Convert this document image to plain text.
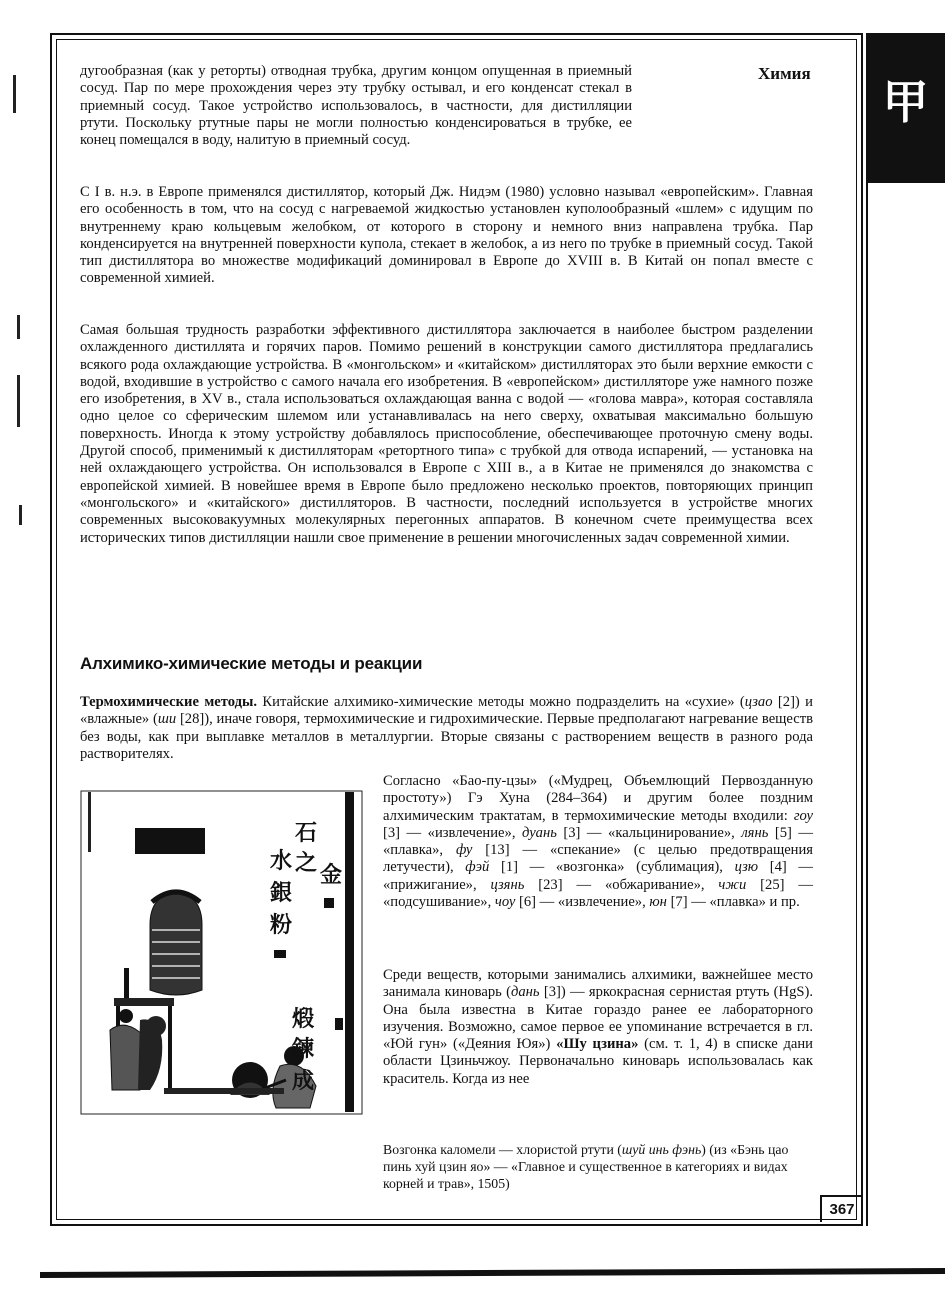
甲
Химия

дугообразная (как у реторты) отводная трубка, другим концом опущенная в приемный сосуд. Пар по мере прохождения через эту трубку остывал, и его конденсат стекал в приемный сосуд. Такое устройство использовалось, в частности, для дистилляции ртути. Поскольку ртутные пары не могли полностью конденсироваться в трубке, ее конец помещался в воду, налитую в приемный сосуд.

С I в. н.э. в Европе применялся дистиллятор, который Дж. Нидэм (1980) условно называл «европейским». Главная его особенность в том, что на сосуд с нагреваемой жидкостью установлен куполообразный «шлем» с идущим по внутреннему краю кольцевым желобком, от которого в сторону и немного вниз направлена трубка. Пар конденсируется на внутренней поверхности купола, стекает в желобок, а из него по трубке в приемный сосуд. Такой тип дистиллятора во множестве модификаций доминировал в Европе до XVIII в. В Китай он попал вместе с современной химией.

Самая большая трудность разработки эффективного дистиллятора заключается в наиболее быстром разделении охлажденного дистиллята и горячих паров. Помимо решений в конструкции самого дистиллятора предлагались всякого рода охлаждающие устройства. В «монгольском» и «китайском» дистилляторах это были верхние емкости с водой, входившие в устройство с самого начала его изобретения. В «европейском» дистилляторе уже намного позже его изобретения, в XV в., стала использоваться охлаждающая ванна с водой — «голова мавра», которая составляла одно целое со сферическим шлемом или устанавливалась на него сверху, охватывая максимально большую поверхность. Иногда к этому устройству добавлялось приспособление, обеспечивающее проточную смену воды. Другой способ, применимый к дистилляторам «ретортного типа» с трубкой для отвода испарений, — установка на ней охлаждающего устройства. Он использовался в Европе с XIII в., а в Китае не применялся до знакомства с европейской химией. В новейшее время в Европе было предложено несколько проектов, повторяющих принцип «монгольского» и «китайского» дистилляторов. В частности, последний используется в устройстве многих современных высоковакуумных молекулярных перегонных аппаратов. В конечном счете преимущества всех исторических типов дистилляции нашли свое применение в решении многочисленных задач современной химии.

Алхимико-химические методы и реакции

Термохимические методы. Китайские алхимико-химические методы можно подразделить на «сухие» (цзао [2]) и «влажные» (ши [28]), иначе говоря, термохимические и гидрохимические. Первые предполагают нагревание веществ без воды, как при выплавке металлов в металлургии. Вторые связаны с растворением веществ в разного рода растворителях.

Согласно «Бао-пу-цзы» («Мудрец, Объемлющий Первозданную простоту») Гэ Хуна (284–364) и другим более поздним алхимическим трактатам, в термохимические методы входили: гоу [3] — «извлечение», дуань [3] — «кальцинирование», лянь [5] — «плавка», фу [13] — «спекание» (с целью предотвращения летучести), фэй [1] — «возгонка» (сублимация), цзю [4] — «прижигание», цзянь [23] — «обжаривание», чжи [25] — «подсушивание», чоу [6] — «извлечение», юн [7] — «плавка» и пр.

Среди веществ, которыми занимались алхимики, важнейшее место занимала киноварь (дань [3]) — яркокрасная сернистая ртуть (HgS). Она была известна в Китае гораздо ранее ее лабораторного изучения. Возможно, самое первое ее упоминание встречается в гл. «Юй гун» («Деяния Юя») «Шу цзина» (см. т. 1, 4) в списке дани области Цзиньчжоу. Первоначально киноварь использовалась как краситель. Когда из нее

Возгонка каломели — хлористой ртути (шуй инь фэнь) (из «Бэнь цао пинь хуй цзин яо» — «Главное и существенное в категориях и видах корней и трав», 1505)
石
之 金
水
銀
粉
煅
鍊
成
367
